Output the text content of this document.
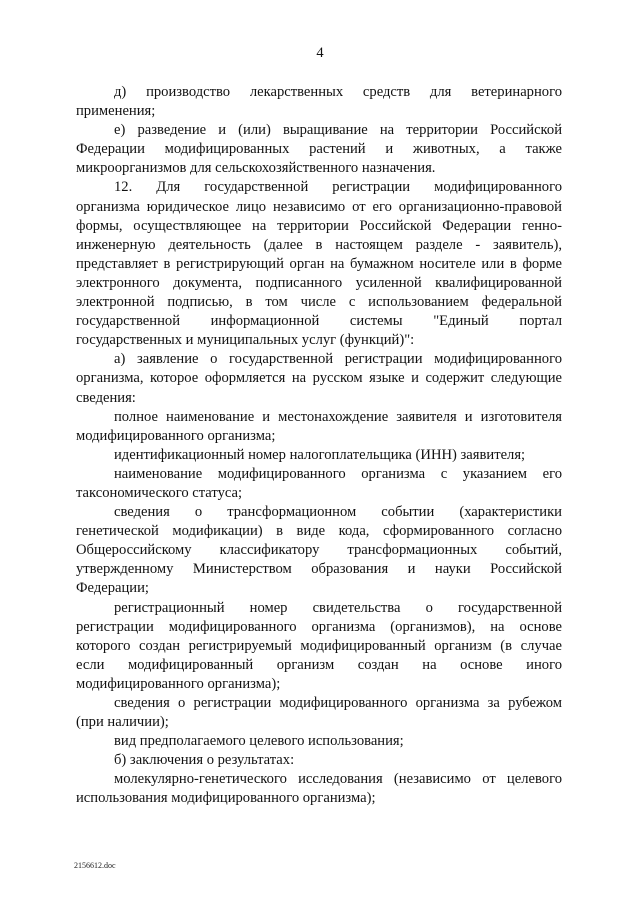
4
д) производство лекарственных средств для ветеринарного
применения;
е) разведение и (или) выращивание на территории Российской
Федерации модифицированных растений и животных, а также
микроорганизмов для сельскохозяйственного назначения.
12. Для государственной регистрации модифицированного
организма юридическое лицо независимо от его организационно-правовой
формы, осуществляющее на территории Российской Федерации генно-
инженерную деятельность (далее в настоящем разделе - заявитель),
представляет в регистрирующий орган на бумажном носителе или в форме
электронного документа, подписанного усиленной квалифицированной
электронной подписью, в том числе с использованием федеральной
государственной информационной системы "Единый портал
государственных и муниципальных услуг (функций)":
а) заявление о государственной регистрации модифицированного
организма, которое оформляется на русском языке и содержит следующие
сведения:
полное наименование и местонахождение заявителя и изготовителя
модифицированного организма;
идентификационный номер налогоплательщика (ИНН) заявителя;
наименование модифицированного организма с указанием его
таксономического статуса;
сведения о трансформационном событии (характеристики
генетической модификации) в виде кода, сформированного согласно
Общероссийскому классификатору трансформационных событий,
утвержденному Министерством образования и науки Российской
Федерации;
регистрационный номер свидетельства о государственной
регистрации модифицированного организма (организмов), на основе
которого создан регистрируемый модифицированный организм (в случае
если модифицированный организм создан на основе иного
модифицированного организма);
сведения о регистрации модифицированного организма за рубежом
(при наличии);
вид предполагаемого целевого использования;
б) заключения о результатах:
молекулярно-генетического исследования (независимо от целевого
использования модифицированного организма);
2156612.doc
